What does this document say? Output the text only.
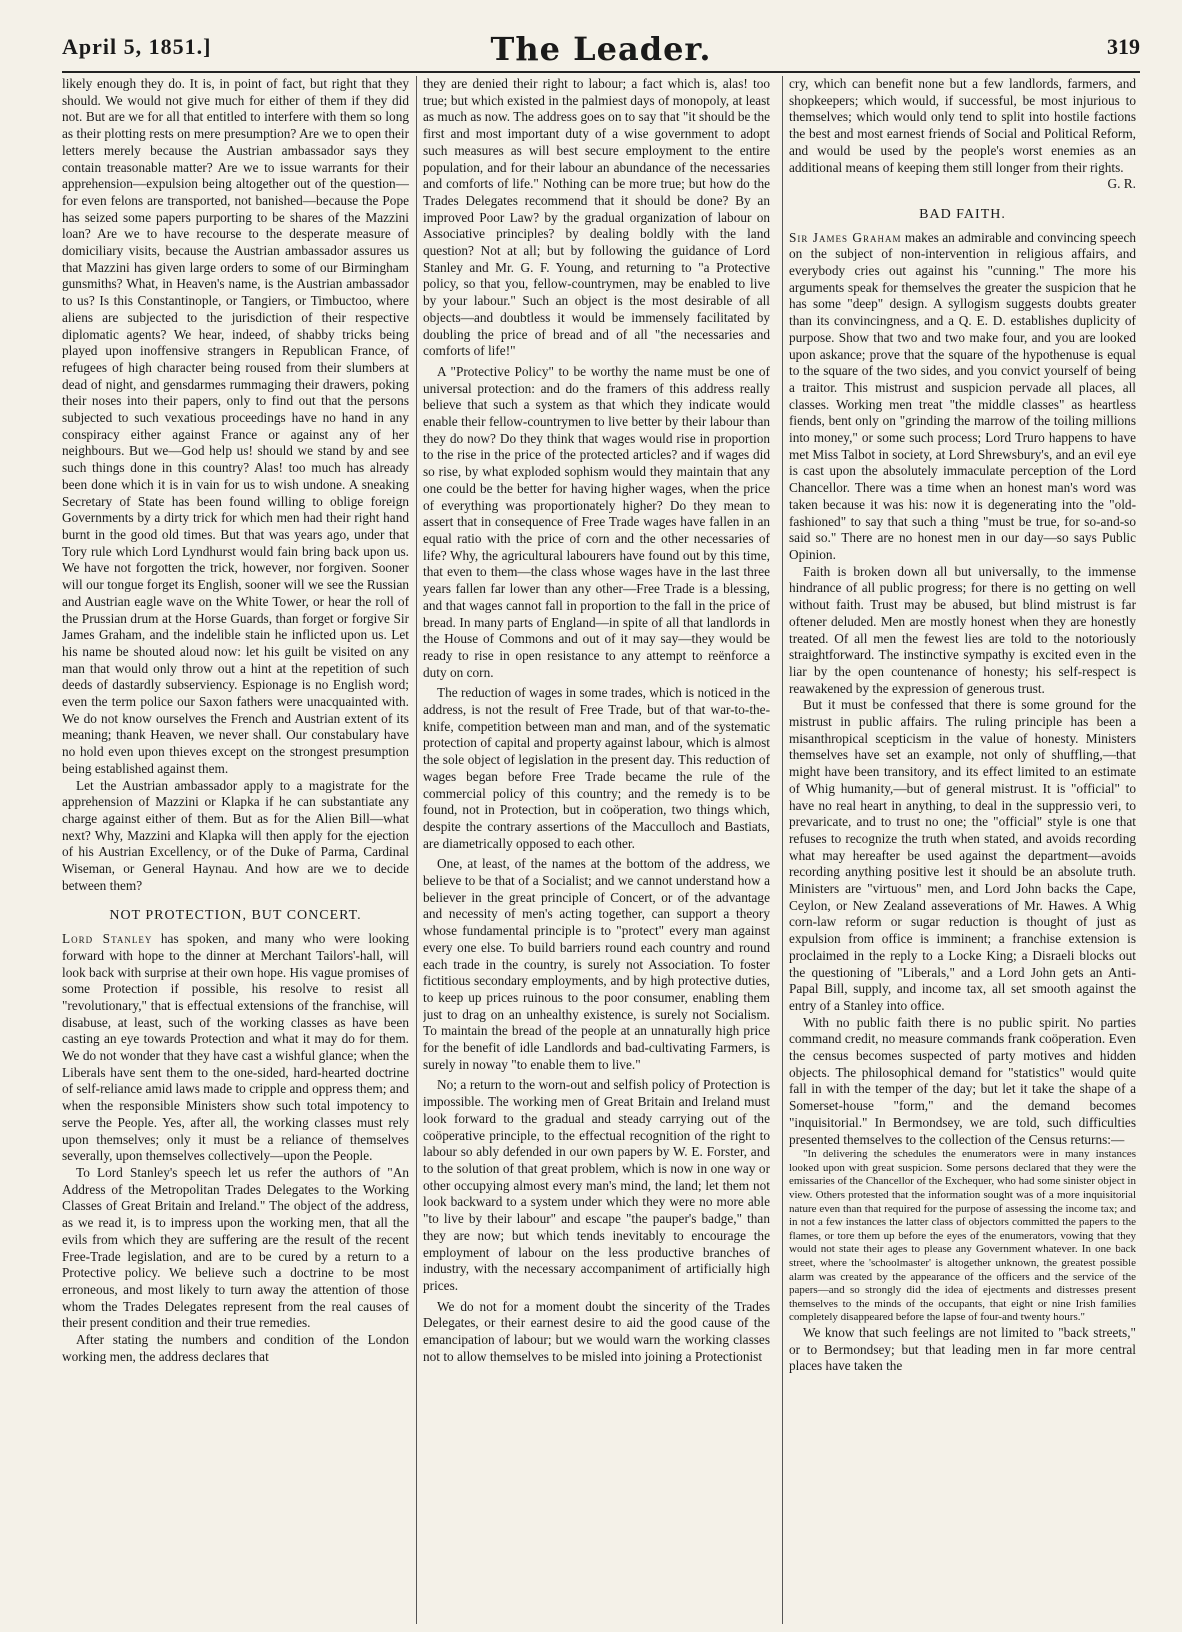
April 5, 1851.]	The Leader.	319

likely enough they do. It is, in point of fact, but right that they should. We would not give much for either of them if they did not. But are we for all that entitled to interfere with them so long as their plotting rests on mere presumption? Are we to open their letters merely because the Austrian ambassador says they contain treasonable matter? Are we to issue warrants for their apprehension—expulsion being altogether out of the question—for even felons are transported, not banished—because the Pope has seized some papers purporting to be shares of the Mazzini loan? Are we to have recourse to the desperate measure of domiciliary visits, because the Austrian ambassador assures us that Mazzini has given large orders to some of our Birmingham gunsmiths? What, in Heaven's name, is the Austrian ambassador to us? Is this Constantinople, or Tangiers, or Timbuctoo, where aliens are subjected to the jurisdiction of their respective diplomatic agents? We hear, indeed, of shabby tricks being played upon inoffensive strangers in Republican France, of refugees of high character being roused from their slumbers at dead of night, and gensdarmes rummaging their drawers, poking their noses into their papers, only to find out that the persons subjected to such vexatious proceedings have no hand in any conspiracy either against France or against any of her neighbours. But we—God help us! should we stand by and see such things done in this country? Alas! too much has already been done which it is in vain for us to wish undone. A sneaking Secretary of State has been found willing to oblige foreign Governments by a dirty trick for which men had their right hand burnt in the good old times. But that was years ago, under that Tory rule which Lord Lyndhurst would fain bring back upon us. We have not forgotten the trick, however, nor forgiven. Sooner will our tongue forget its English, sooner will we see the Russian and Austrian eagle wave on the White Tower, or hear the roll of the Prussian drum at the Horse Guards, than forget or forgive Sir James Graham, and the indelible stain he inflicted upon us. Let his name be shouted aloud now: let his guilt be visited on any man that would only throw out a hint at the repetition of such deeds of dastardly subserviency. Espionage is no English word; even the term police our Saxon fathers were unacquainted with. We do not know ourselves the French and Austrian extent of its meaning; thank Heaven, we never shall. Our constabulary have no hold even upon thieves except on the strongest presumption being established against them.

Let the Austrian ambassador apply to a magistrate for the apprehension of Mazzini or Klapka if he can substantiate any charge against either of them. But as for the Alien Bill—what next? Why, Mazzini and Klapka will then apply for the ejection of his Austrian Excellency, or of the Duke of Parma, Cardinal Wiseman, or General Haynau. And how are we to decide between them?

NOT PROTECTION, BUT CONCERT.

Lord Stanley has spoken, and many who were looking forward with hope to the dinner at Merchant Tailors'-hall, will look back with surprise at their own hope. His vague promises of some Protection if possible, his resolve to resist all "revolutionary," that is effectual extensions of the franchise, will disabuse, at least, such of the working classes as have been casting an eye towards Protection and what it may do for them. We do not wonder that they have cast a wishful glance; when the Liberals have sent them to the one-sided, hard-hearted doctrine of self-reliance amid laws made to cripple and oppress them; and when the responsible Ministers show such total impotency to serve the People. Yes, after all, the working classes must rely upon themselves; only it must be a reliance of themselves severally, upon themselves collectively—upon the People.

To Lord Stanley's speech let us refer the authors of "An Address of the Metropolitan Trades Delegates to the Working Classes of Great Britain and Ireland." The object of the address, as we read it, is to impress upon the working men, that all the evils from which they are suffering are the result of the recent Free-Trade legislation, and are to be cured by a return to a Protective policy. We believe such a doctrine to be most erroneous, and most likely to turn away the attention of those whom the Trades Delegates represent from the real causes of their present condition and their true remedies.

After stating the numbers and condition of the London working men, the address declares that

they are denied their right to labour; a fact which is, alas! too true; but which existed in the palmiest days of monopoly, at least as much as now. The address goes on to say that "it should be the first and most important duty of a wise government to adopt such measures as will best secure employment to the entire population, and for their labour an abundance of the necessaries and comforts of life." Nothing can be more true; but how do the Trades Delegates recommend that it should be done? By an improved Poor Law? by the gradual organization of labour on Associative principles? by dealing boldly with the land question? Not at all; but by following the guidance of Lord Stanley and Mr. G. F. Young, and returning to "a Protective policy, so that you, fellow-countrymen, may be enabled to live by your labour." Such an object is the most desirable of all objects—and doubtless it would be immensely facilitated by doubling the price of bread and of all "the necessaries and comforts of life!"

A "Protective Policy" to be worthy the name must be one of universal protection: and do the framers of this address really believe that such a system as that which they indicate would enable their fellow-countrymen to live better by their labour than they do now? Do they think that wages would rise in proportion to the rise in the price of the protected articles? and if wages did so rise, by what exploded sophism would they maintain that any one could be the better for having higher wages, when the price of everything was proportionately higher? Do they mean to assert that in consequence of Free Trade wages have fallen in an equal ratio with the price of corn and the other necessaries of life? Why, the agricultural labourers have found out by this time, that even to them—the class whose wages have in the last three years fallen far lower than any other—Free Trade is a blessing, and that wages cannot fall in proportion to the fall in the price of bread. In many parts of England—in spite of all that landlords in the House of Commons and out of it may say—they would be ready to rise in open resistance to any attempt to reënforce a duty on corn.

The reduction of wages in some trades, which is noticed in the address, is not the result of Free Trade, but of that war-to-the-knife, competition between man and man, and of the systematic protection of capital and property against labour, which is almost the sole object of legislation in the present day. This reduction of wages began before Free Trade became the rule of the commercial policy of this country; and the remedy is to be found, not in Protection, but in coöperation, two things which, despite the contrary assertions of the Macculloch and Bastiats, are diametrically opposed to each other.

One, at least, of the names at the bottom of the address, we believe to be that of a Socialist; and we cannot understand how a believer in the great principle of Concert, or of the advantage and necessity of men's acting together, can support a theory whose fundamental principle is to "protect" every man against every one else. To build barriers round each country and round each trade in the country, is surely not Association. To foster fictitious secondary employments, and by high protective duties, to keep up prices ruinous to the poor consumer, enabling them just to drag on an unhealthy existence, is surely not Socialism. To maintain the bread of the people at an unnaturally high price for the benefit of idle Landlords and bad-cultivating Farmers, is surely in noway "to enable them to live."

No; a return to the worn-out and selfish policy of Protection is impossible. The working men of Great Britain and Ireland must look forward to the gradual and steady carrying out of the coöperative principle, to the effectual recognition of the right to labour so ably defended in our own papers by W. E. Forster, and to the solution of that great problem, which is now in one way or other occupying almost every man's mind, the land; let them not look backward to a system under which they were no more able "to live by their labour" and escape "the pauper's badge," than they are now; but which tends inevitably to encourage the employment of labour on the less productive branches of industry, with the necessary accompaniment of artificially high prices.

We do not for a moment doubt the sincerity of the Trades Delegates, or their earnest desire to aid the good cause of the emancipation of labour; but we would warn the working classes not to allow themselves to be misled into joining a Protectionist

cry, which can benefit none but a few landlords, farmers, and shopkeepers; which would, if successful, be most injurious to themselves; which would only tend to split into hostile factions the best and most earnest friends of Social and Political Reform, and would be used by the people's worst enemies as an additional means of keeping them still longer from their rights.

G. R.
BAD FAITH.

Sir James Graham makes an admirable and convincing speech on the subject of non-intervention in religious affairs, and everybody cries out against his "cunning." The more his arguments speak for themselves the greater the suspicion that he has some "deep" design. A syllogism suggests doubts greater than its convincingness, and a Q. E. D. establishes duplicity of purpose. Show that two and two make four, and you are looked upon askance; prove that the square of the hypothenuse is equal to the square of the two sides, and you convict yourself of being a traitor. This mistrust and suspicion pervade all places, all classes. Working men treat "the middle classes" as heartless fiends, bent only on "grinding the marrow of the toiling millions into money," or some such process; Lord Truro happens to have met Miss Talbot in society, at Lord Shrewsbury's, and an evil eye is cast upon the absolutely immaculate perception of the Lord Chancellor. There was a time when an honest man's word was taken because it was his: now it is degenerating into the "old-fashioned" to say that such a thing "must be true, for so-and-so said so." There are no honest men in our day—so says Public Opinion.

Faith is broken down all but universally, to the immense hindrance of all public progress; for there is no getting on well without faith. Trust may be abused, but blind mistrust is far oftener deluded. Men are mostly honest when they are honestly treated. Of all men the fewest lies are told to the notoriously straightforward. The instinctive sympathy is excited even in the liar by the open countenance of honesty; his self-respect is reawakened by the expression of generous trust.

But it must be confessed that there is some ground for the mistrust in public affairs. The ruling principle has been a misanthropical scepticism in the value of honesty. Ministers themselves have set an example, not only of shuffling,—that might have been transitory, and its effect limited to an estimate of Whig humanity,—but of general mistrust. It is "official" to have no real heart in anything, to deal in the suppressio veri, to prevaricate, and to trust no one; the "official" style is one that refuses to recognize the truth when stated, and avoids recording what may hereafter be used against the department—avoids recording anything positive lest it should be an absolute truth. Ministers are "virtuous" men, and Lord John backs the Cape, Ceylon, or New Zealand asseverations of Mr. Hawes. A Whig corn-law reform or sugar reduction is thought of just as expulsion from office is imminent; a franchise extension is proclaimed in the reply to a Locke King; a Disraeli blocks out the questioning of "Liberals," and a Lord John gets an Anti-Papal Bill, supply, and income tax, all set smooth against the entry of a Stanley into office.

With no public faith there is no public spirit. No parties command credit, no measure commands frank coöperation. Even the census becomes suspected of party motives and hidden objects. The philosophical demand for "statistics" would quite fall in with the temper of the day; but let it take the shape of a Somerset-house "form," and the demand becomes "inquisitorial." In Bermondsey, we are told, such difficulties presented themselves to the collection of the Census returns:—

"In delivering the schedules the enumerators were in many instances looked upon with great suspicion. Some persons declared that they were the emissaries of the Chancellor of the Exchequer, who had some sinister object in view. Others protested that the information sought was of a more inquisitorial nature even than that required for the purpose of assessing the income tax; and in not a few instances the latter class of objectors committed the papers to the flames, or tore them up before the eyes of the enumerators, vowing that they would not state their ages to please any Government whatever. In one back street, where the 'schoolmaster' is altogether unknown, the greatest possible alarm was created by the appearance of the officers and the service of the papers—and so strongly did the idea of ejectments and distresses present themselves to the minds of the occupants, that eight or nine Irish families completely disappeared before the lapse of four-and twenty hours."

We know that such feelings are not limited to "back streets," or to Bermondsey; but that leading men in far more central places have taken the
